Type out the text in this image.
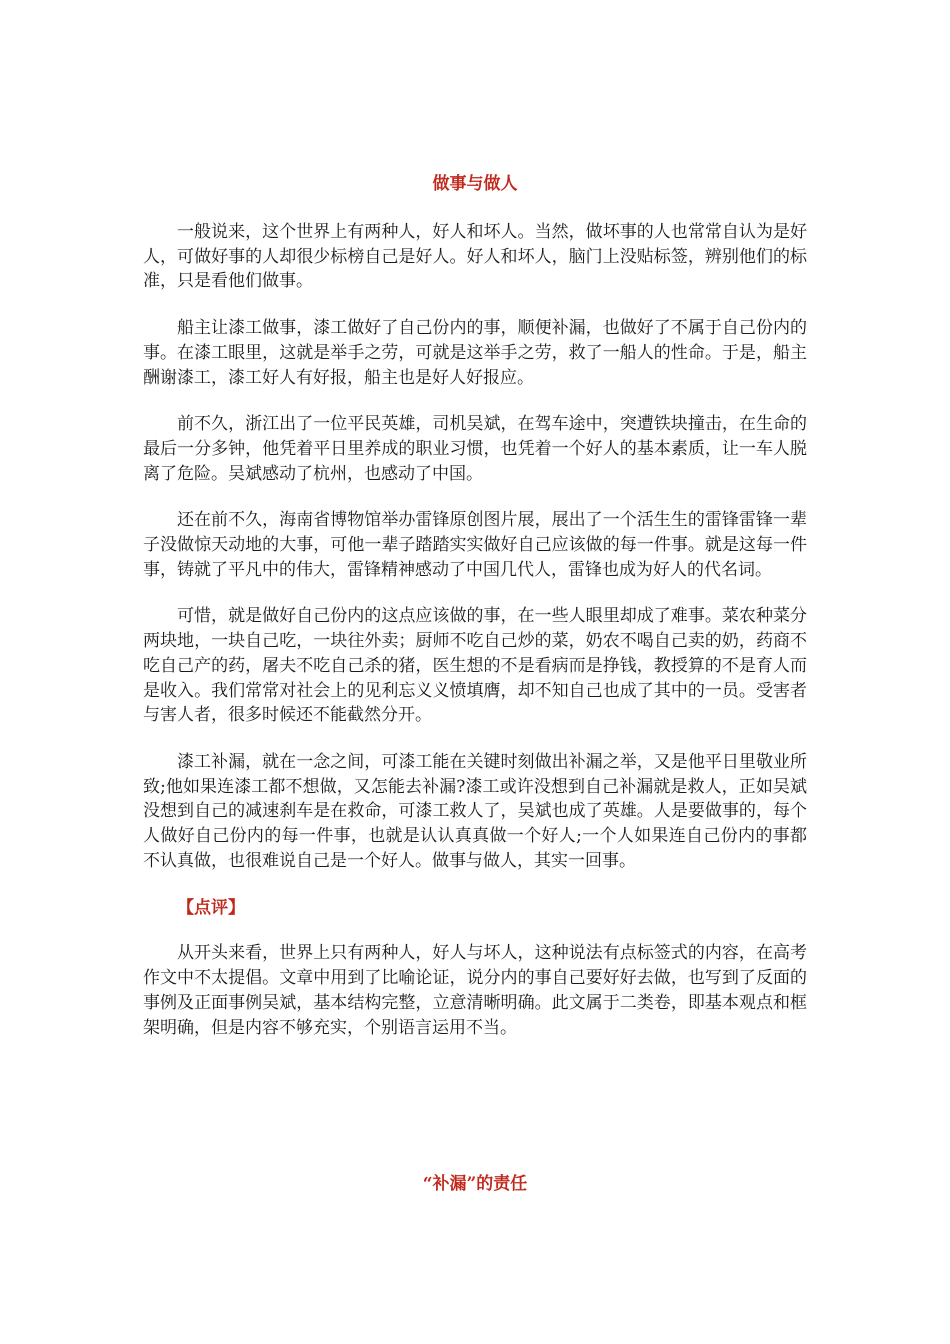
做事与做人

一般说来，这个世界上有两种人，好人和坏人。当然，做坏事的人也常常自认为是好人，可做好事的人却很少标榜自己是好人。好人和坏人，脑门上没贴标签，辨别他们的标准，只是看他们做事。

船主让漆工做事，漆工做好了自己份内的事，顺便补漏，也做好了不属于自己份内的事。在漆工眼里，这就是举手之劳，可就是这举手之劳，救了一船人的性命。于是，船主酬谢漆工，漆工好人有好报，船主也是好人好报应。

前不久，浙江出了一位平民英雄，司机吴斌，在驾车途中，突遭铁块撞击，在生命的最后一分多钟，他凭着平日里养成的职业习惯，也凭着一个好人的基本素质，让一车人脱离了危险。吴斌感动了杭州，也感动了中国。

还在前不久，海南省博物馆举办雷锋原创图片展，展出了一个活生生的雷锋雷锋一辈子没做惊天动地的大事，可他一辈子踏踏实实做好自己应该做的每一件事。就是这每一件事，铸就了平凡中的伟大，雷锋精神感动了中国几代人，雷锋也成为好人的代名词。

可惜，就是做好自己份内的这点应该做的事，在一些人眼里却成了难事。菜农种菜分两块地，一块自己吃，一块往外卖；厨师不吃自己炒的菜，奶农不喝自己卖的奶，药商不吃自己产的药，屠夫不吃自己杀的猪，医生想的不是看病而是挣钱，教授算的不是育人而是收入。我们常常对社会上的见利忘义义愤填膺，却不知自己也成了其中的一员。受害者与害人者，很多时候还不能截然分开。

漆工补漏，就在一念之间，可漆工能在关键时刻做出补漏之举，又是他平日里敬业所致;他如果连漆工都不想做，又怎能去补漏?漆工或许没想到自己补漏就是救人，正如吴斌没想到自己的减速刹车是在救命，可漆工救人了，吴斌也成了英雄。人是要做事的，每个人做好自己份内的每一件事，也就是认认真真做一个好人;一个人如果连自己份内的事都不认真做，也很难说自己是一个好人。做事与做人，其实一回事。

【点评】

从开头来看，世界上只有两种人，好人与坏人，这种说法有点标签式的内容，在高考作文中不太提倡。文章中用到了比喻论证，说分内的事自己要好好去做，也写到了反面的事例及正面事例吴斌，基本结构完整，立意清晰明确。此文属于二类卷，即基本观点和框架明确，但是内容不够充实，个别语言运用不当。

“补漏”的责任
